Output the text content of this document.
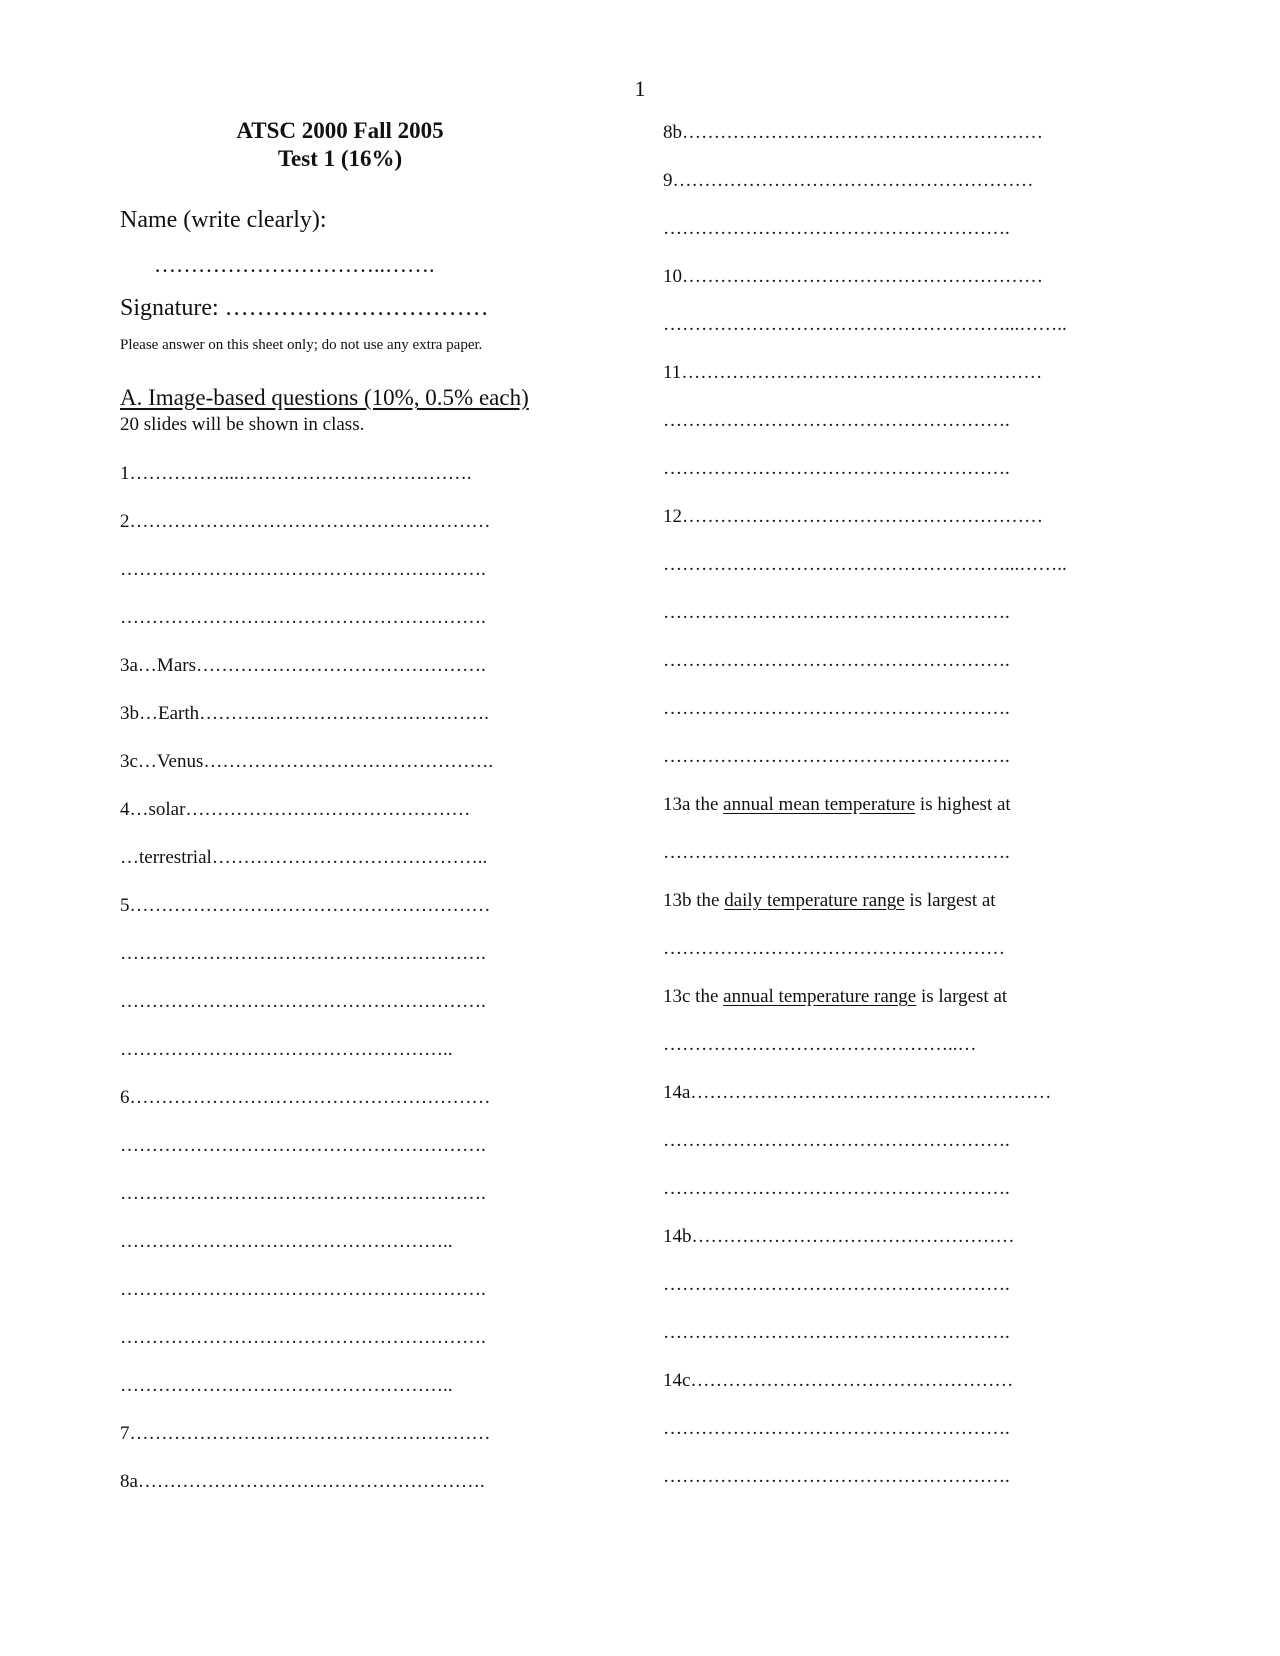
1
ATSC 2000 Fall 2005
Test 1 (16%)
Name (write clearly):
…………………………..…….
Signature: ……………………………
Please answer on this sheet only; do not use any extra paper.
A. Image-based questions (10%, 0.5% each)
20 slides will be shown in class.
1……………...……………………………….
2…………………………………………………
………………………………………………….
………………………………………………….
3a…Mars……………………………………….
3b…Earth……………………………………….
3c…Venus……………………………………….
4…solar………………………………………
…terrestrial……………………………………..
5…………………………………………………
………………………………………………….
………………………………………………….
……………………………………………..
6…………………………………………………
………………………………………………….
………………………………………………….
……………………………………………..
………………………………………………….
………………………………………………….
……………………………………………..
7…………………………………………………
8a……………………………………………….
8b…………………………………………………
9…………………………………………………
……………………………………………….
10…………………………………………………
………………………………………………...……..
11…………………………………………………
……………………………………………….
……………………………………………….
12…………………………………………………
………………………………………………...……..
……………………………………………….
……………………………………………….
……………………………………………….
……………………………………………….
13a the annual mean temperature is highest at
……………………………………………….
13b the daily temperature range is largest at
………………………………………………
13c the annual temperature range is largest at
………………………………………..…
14a…………………………………………………
……………………………………………….
……………………………………………….
14b……………………………………………
……………………………………………….
……………………………………………….
14c……………………………………………
……………………………………………….
……………………………………………….
